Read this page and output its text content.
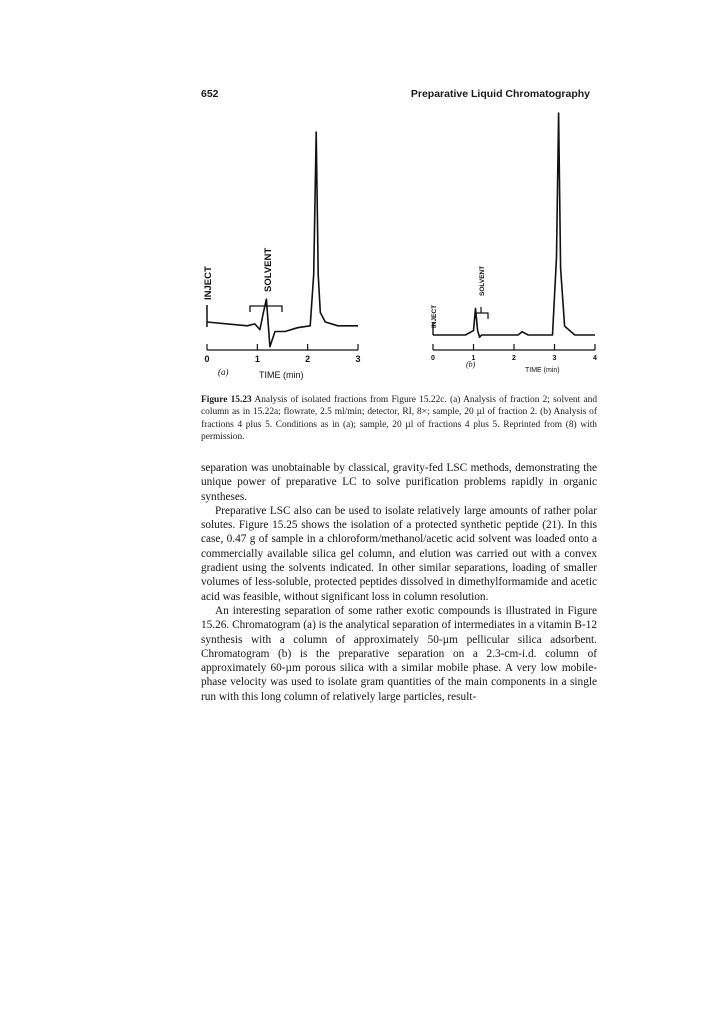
652	Preparative Liquid Chromatography
INJECT	SOLVENT
0	1	2	3
(a)	TIME (min)
INJECT
SOLVENT
0	1	2	3	4
(b)
TIME (min)
Figure 15.23 Analysis of isolated fractions from Figure 15.22c. (a) Analysis of fraction 2; solvent and column as in 15.22a; flowrate, 2.5 ml/min; detector, RI, 8×; sample, 20 µl of fraction 2. (b) Analysis of fractions 4 plus 5. Conditions as in (a); sample, 20 µl of fractions 4 plus 5. Reprinted from (8) with permission.

separation was unobtainable by classical, gravity-fed LSC methods, demonstrating the unique power of preparative LC to solve purification problems rapidly in organic syntheses.

Preparative LSC also can be used to isolate relatively large amounts of rather polar solutes. Figure 15.25 shows the isolation of a protected synthetic peptide (21). In this case, 0.47 g of sample in a chloroform/methanol/acetic acid solvent was loaded onto a commercially available silica gel column, and elution was carried out with a convex gradient using the solvents indicated. In other similar separations, loading of smaller volumes of less-soluble, protected peptides dissolved in dimethylformamide and acetic acid was feasible, without significant loss in column resolution.

An interesting separation of some rather exotic compounds is illustrated in Figure 15.26. Chromatogram (a) is the analytical separation of intermediates in a vitamin B-12 synthesis with a column of approximately 50-µm pellicular silica adsorbent. Chromatogram (b) is the preparative separation on a 2.3-cm-i.d. column of approximately 60-µm porous silica with a similar mobile phase. A very low mobile-phase velocity was used to isolate gram quantities of the main components in a single run with this long column of relatively large particles, result-
